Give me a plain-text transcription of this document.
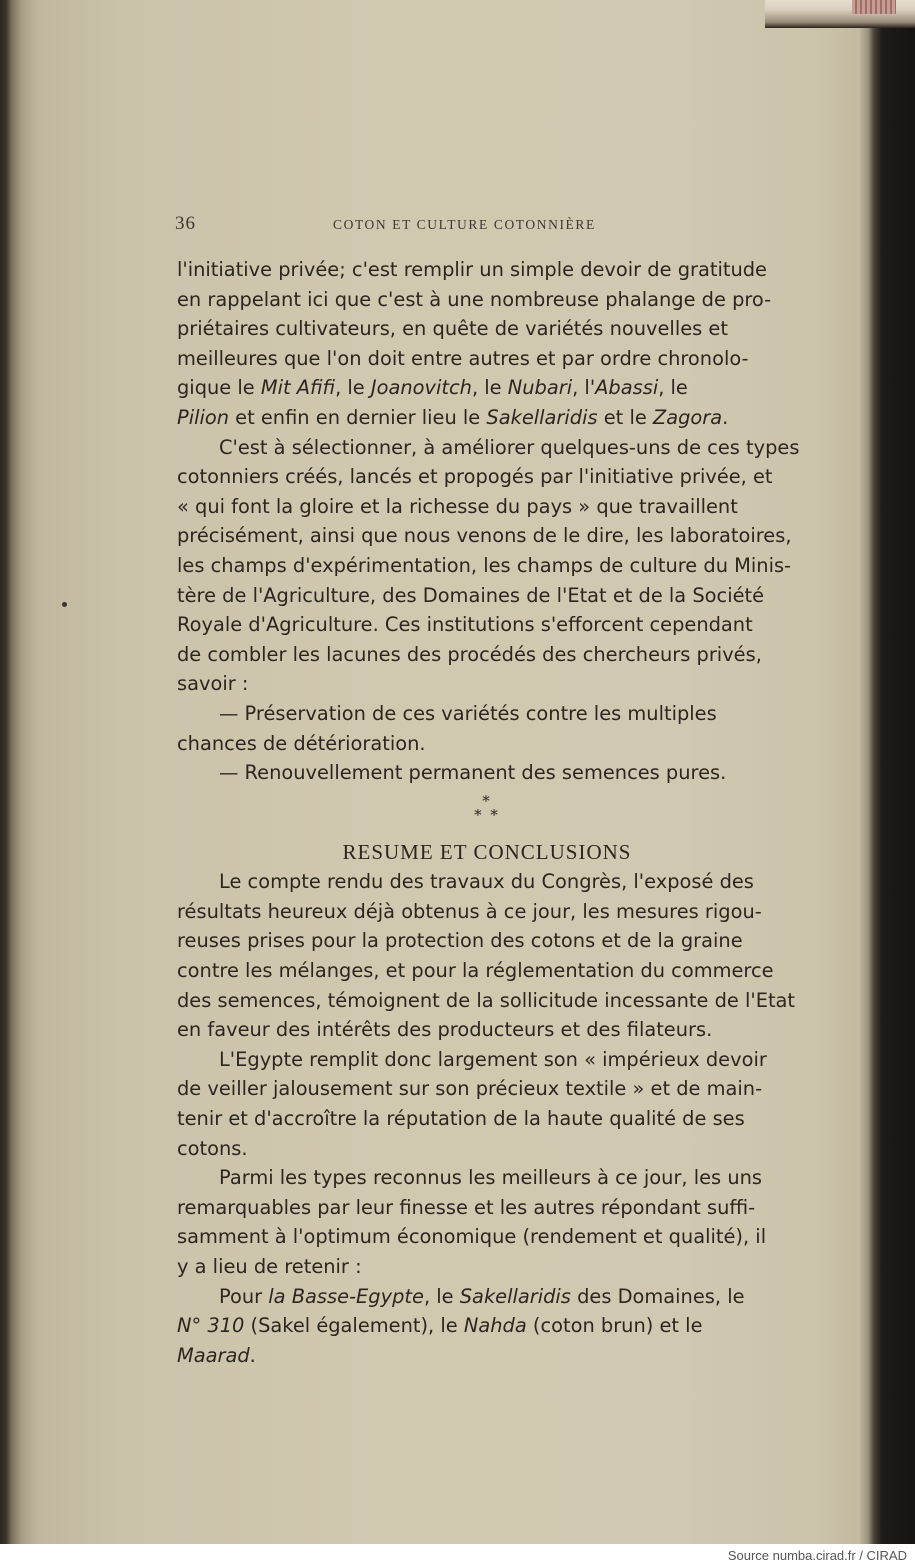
36	COTON ET CULTURE COTONNIÈRE
l'initiative privée; c'est remplir un simple devoir de gratitude
en rappelant ici que c'est à une nombreuse phalange de pro-
priétaires cultivateurs, en quête de variétés nouvelles et
meilleures que l'on doit entre autres et par ordre chronolo-
gique le Mit Afifi, le Joanovitch, le Nubari, l'Abassi, le
Pilion et enfin en dernier lieu le Sakellaridis et le Zagora.
C'est à sélectionner, à améliorer quelques-uns de ces types
cotonniers créés, lancés et propogés par l'initiative privée, et
« qui font la gloire et la richesse du pays » que travaillent
précisément, ainsi que nous venons de le dire, les laboratoires,
les champs d'expérimentation, les champs de culture du Minis-
tère de l'Agriculture, des Domaines de l'Etat et de la Société
Royale d'Agriculture. Ces institutions s'efforcent cependant
de combler les lacunes des procédés des chercheurs privés,
savoir :
— Préservation de ces variétés contre les multiples
chances de détérioration.
— Renouvellement permanent des semences pures.
*
* *
RESUME ET CONCLUSIONS
Le compte rendu des travaux du Congrès, l'exposé des
résultats heureux déjà obtenus à ce jour, les mesures rigou-
reuses prises pour la protection des cotons et de la graine
contre les mélanges, et pour la réglementation du commerce
des semences, témoignent de la sollicitude incessante de l'Etat
en faveur des intérêts des producteurs et des filateurs.
L'Egypte remplit donc largement son « impérieux devoir
de veiller jalousement sur son précieux textile » et de main-
tenir et d'accroître la réputation de la haute qualité de ses
cotons.
Parmi les types reconnus les meilleurs à ce jour, les uns
remarquables par leur finesse et les autres répondant suffi-
samment à l'optimum économique (rendement et qualité), il
y a lieu de retenir :
Pour la Basse-Egypte, le Sakellaridis des Domaines, le
N° 310 (Sakel également), le Nahda (coton brun) et le
Maarad.
Source numba.cirad.fr / CIRAD
